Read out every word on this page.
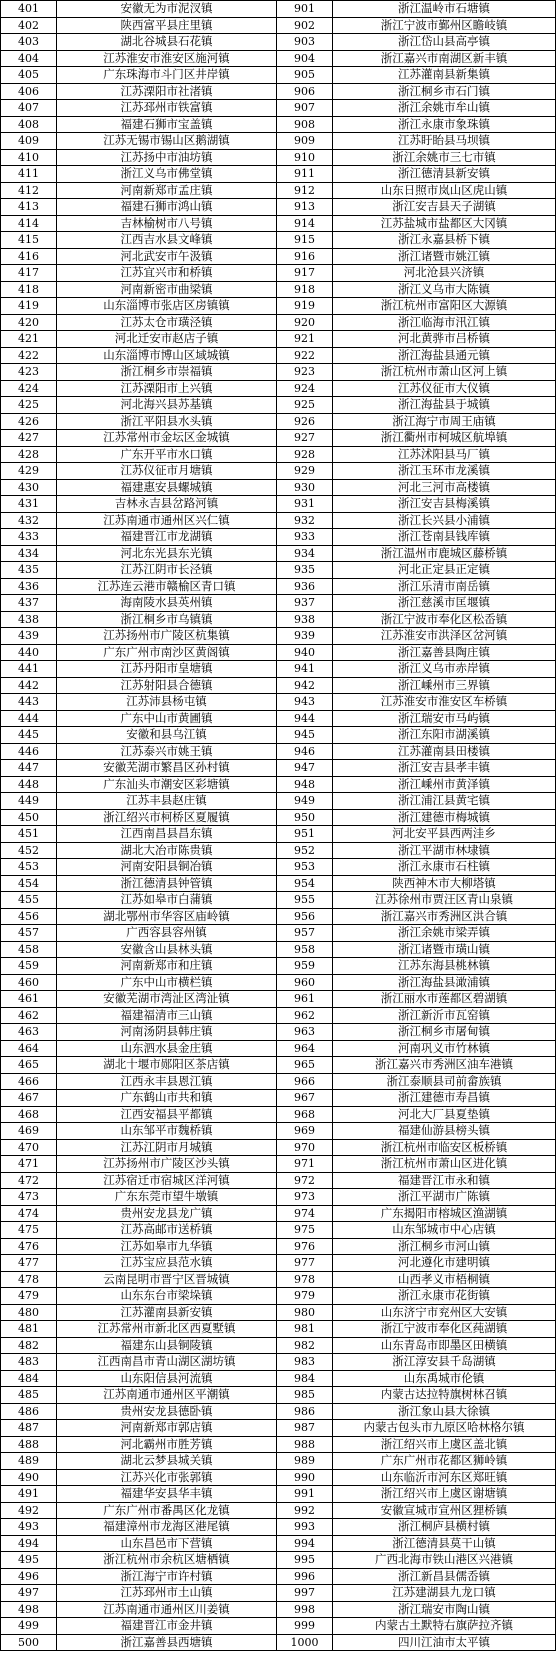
401	安徽无为市泥汊镇	901	浙江温岭市石塘镇
402	陕西富平县庄里镇	902	浙江宁波市鄞州区瞻岐镇
403	湖北谷城县石花镇	903	浙江岱山县高亭镇
404	江苏淮安市淮安区施河镇	904	浙江嘉兴市南湖区新丰镇
405	广东珠海市斗门区井岸镇	905	江苏灌南县新集镇
406	江苏溧阳市社渚镇	906	浙江桐乡市石门镇
407	江苏邳州市铁富镇	907	浙江余姚市牟山镇
408	福建石狮市宝盖镇	908	浙江永康市象珠镇
409	江苏无锡市锡山区鹅湖镇	909	江苏盱眙县马坝镇
410	江苏扬中市油坊镇	910	浙江余姚市三七市镇
411	浙江义乌市佛堂镇	911	浙江德清县新安镇
412	河南新郑市孟庄镇	912	山东日照市岚山区虎山镇
413	福建石狮市鸿山镇	913	浙江安吉县天子湖镇
414	吉林榆树市八号镇	914	江苏盐城市盐都区大冈镇
415	江西吉水县文峰镇	915	浙江永嘉县桥下镇
416	河北武安市午汲镇	916	浙江诸暨市姚江镇
417	江苏宜兴市和桥镇	917	河北沧县兴济镇
418	河南新密市曲梁镇	918	浙江义乌市大陈镇
419	山东淄博市张店区房镇镇	919	浙江杭州市富阳区大源镇
420	江苏太仓市璜泾镇	920	浙江临海市汛江镇
421	河北迁安市赵店子镇	921	河北黄骅市吕桥镇
422	山东淄博市博山区域城镇	922	浙江海盐县通元镇
423	浙江桐乡市崇福镇	923	浙江杭州市萧山区河上镇
424	江苏溧阳市上兴镇	924	江苏仪征市大仪镇
425	河北海兴县苏基镇	925	浙江海盐县于城镇
426	浙江平阳县水头镇	926	浙江海宁市周王庙镇
427	江苏常州市金坛区金城镇	927	浙江衢州市柯城区航埠镇
428	广东开平市水口镇	928	江苏沭阳县马厂镇
429	江苏仪征市月塘镇	929	浙江玉环市龙溪镇
430	福建惠安县螺城镇	930	河北三河市高楼镇
431	吉林永吉县岔路河镇	931	浙江安吉县梅溪镇
432	江苏南通市通州区兴仁镇	932	浙江长兴县小浦镇
433	福建晋江市龙湖镇	933	浙江苍南县钱库镇
434	河北东光县东光镇	934	浙江温州市鹿城区藤桥镇
435	江苏江阴市长泾镇	935	河北正定县正定镇
436	江苏连云港市赣榆区青口镇	936	浙江乐清市南岳镇
437	海南陵水县英州镇	937	浙江慈溪市匡堰镇
438	浙江桐乡市乌镇镇	938	浙江宁波市奉化区松岙镇
439	江苏扬州市广陵区杭集镇	939	江苏淮安市洪泽区岔河镇
440	广东广州市南沙区黄阁镇	940	浙江嘉善县陶庄镇
441	江苏丹阳市皇塘镇	941	浙江义乌市赤岸镇
442	江苏射阳县合德镇	942	浙江嵊州市三界镇
443	江苏沛县杨屯镇	943	江苏淮安市淮安区车桥镇
444	广东中山市黄圃镇	944	浙江瑞安市马屿镇
445	安徽和县乌江镇	945	浙江东阳市湖溪镇
446	江苏泰兴市姚王镇	946	江苏灌南县田楼镇
447	安徽芜湖市繁昌区孙村镇	947	浙江安吉县孝丰镇
448	广东汕头市潮安区彩塘镇	948	浙江嵊州市黄泽镇
449	江苏丰县赵庄镇	949	浙江浦江县黄宅镇
450	浙江绍兴市柯桥区夏履镇	950	浙江建德市梅城镇
451	江西南昌县昌东镇	951	河北安平县西两洼乡
452	湖北大冶市陈贵镇	952	浙江平湖市林埭镇
453	河南安阳县铜冶镇	953	浙江永康市石柱镇
454	浙江德清县钟管镇	954	陕西神木市大柳塔镇
455	江苏如皋市白蒲镇	955	江苏徐州市贾汪区青山泉镇
456	湖北鄂州市华容区庙岭镇	956	浙江嘉兴市秀洲区洪合镇
457	广西容县容州镇	957	浙江余姚市梁弄镇
458	安徽含山县林头镇	958	浙江诸暨市璜山镇
459	河南新郑市和庄镇	959	江苏东海县桃林镇
460	广东中山市横栏镇	960	浙江海盐县澉浦镇
461	安徽芜湖市湾沚区湾沚镇	961	浙江丽水市莲都区碧湖镇
462	福建福清市三山镇	962	浙江新沂市瓦窑镇
463	河南汤阴县韩庄镇	963	浙江桐乡市屠甸镇
464	山东泗水县金庄镇	964	河南巩义市竹林镇
465	湖北十堰市郧阳区茶店镇	965	浙江嘉兴市秀洲区油车港镇
466	江西永丰县恩江镇	966	浙江泰顺县司前畲族镇
467	广东鹤山市共和镇	967	浙江建德市寿昌镇
468	江西安福县平都镇	968	河北大厂县夏垫镇
469	山东邹平市魏桥镇	969	福建仙游县榜头镇
470	江苏江阴市月城镇	970	浙江杭州市临安区板桥镇
471	江苏扬州市广陵区沙头镇	971	浙江杭州市萧山区进化镇
472	江苏宿迁市宿城区洋河镇	972	福建晋江市永和镇
473	广东东莞市望牛墩镇	973	浙江平湖市广陈镇
474	贵州安龙县龙广镇	974	广东揭阳市榕城区渔湖镇
475	江苏高邮市送桥镇	975	山东邹城市中心店镇
476	江苏如皋市九华镇	976	浙江桐乡市河山镇
477	江苏宝应县范水镇	977	河北遵化市建明镇
478	云南昆明市晋宁区晋城镇	978	山西孝义市梧桐镇
479	山东东台市梁垛镇	979	浙江永康市花街镇
480	江苏灌南县新安镇	980	山东济宁市兖州区大安镇
481	江苏常州市新北区西夏墅镇	981	浙江宁波市奉化区莼湖镇
482	福建东山县铜陵镇	982	山东青岛市即墨区田横镇
483	江西南昌市青山湖区湖坊镇	983	浙江淳安县千岛湖镇
484	山东阳信县河流镇	984	山东禹城市伦镇
485	江苏南通市通州区平潮镇	985	内蒙古达拉特旗树林召镇
486	贵州安龙县德卧镇	986	浙江象山县大徐镇
487	河南新郑市郭店镇	987	内蒙古包头市九原区哈林格尔镇
488	河北霸州市胜芳镇	988	浙江绍兴市上虞区盖北镇
489	湖北云梦县城关镇	989	广东广州市花都区狮岭镇
490	江苏兴化市张郭镇	990	山东临沂市河东区郑旺镇
491	福建华安县华丰镇	991	浙江绍兴市上虞区谢塘镇
492	广东广州市番禺区化龙镇	992	安徽宣城市宣州区狸桥镇
493	福建漳州市龙海区港尾镇	993	浙江桐庐县横村镇
494	山东昌邑市下营镇	994	浙江德清县莫干山镇
495	浙江杭州市余杭区塘栖镇	995	广西北海市铁山港区兴港镇
496	浙江海宁市许村镇	996	浙江新昌县儒岙镇
497	江苏邳州市土山镇	997	江苏建湖县九龙口镇
498	江苏南通市通州区川姜镇	998	浙江瑞安市陶山镇
499	福建晋江市金井镇	999	内蒙古土默特右旗萨拉齐镇
500	浙江嘉善县西塘镇	1000	四川江油市太平镇
